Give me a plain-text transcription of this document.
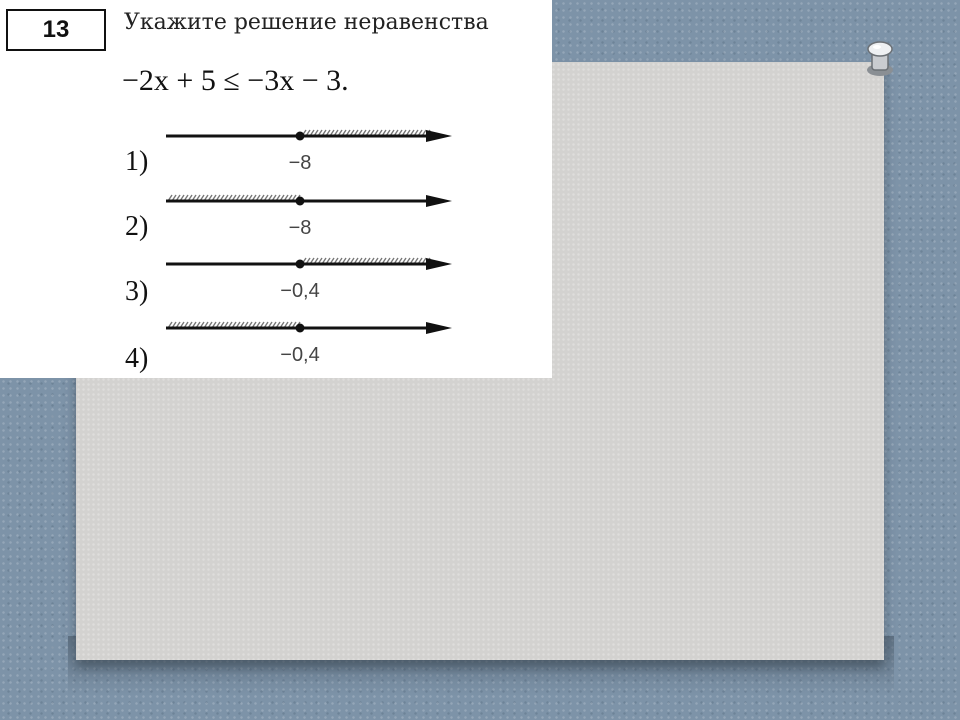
13 Укажите решение неравенства
−2x + 5 ≤ −3x − 3.
1)	−8
2)	−8
3)	−0,4
4)	−0,4
